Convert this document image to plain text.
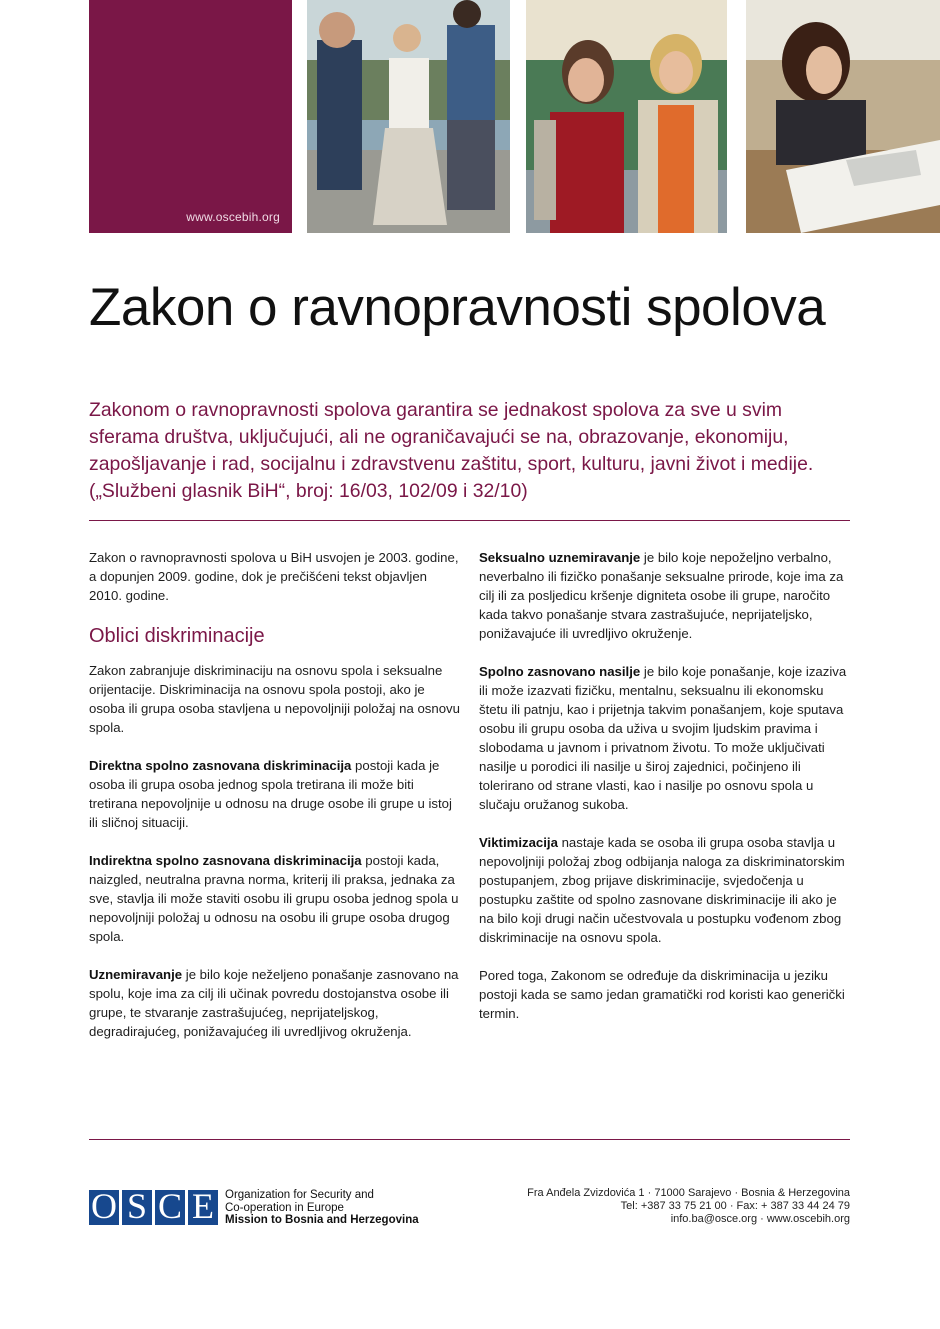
www.oscebih.org
Zakon o ravnopravnosti spolova

Zakonom o ravnopravnosti spolova garantira se jednakost spolova za sve u svim sferama društva, uključujući, ali ne ograničavajući se na, obrazovanje, ekonomiju, zapošljavanje i rad, socijalnu i zdravstvenu zaštitu, sport, kulturu, javni život i medije. („Službeni glasnik BiH“, broj: 16/03, 102/09 i 32/10)

Zakon o ravnopravnosti spolova u BiH usvojen je 2003. godine, a dopunjen 2009. godine, dok je prečišćeni tekst objavljen 2010. godine.

Oblici diskriminacije

Zakon zabranjuje diskriminaciju na osnovu spola i seksualne orijentacije. Diskriminacija na osnovu spola postoji, ako je osoba ili grupa osoba stavljena u nepovoljniji položaj na osnovu spola.

Direktna spolno zasnovana diskriminacija postoji kada je osoba ili grupa osoba jednog spola tretirana ili može biti tretirana nepovoljnije u odnosu na druge osobe ili grupe u istoj ili sličnoj situaciji.

Indirektna spolno zasnovana diskriminacija postoji kada, naizgled, neutralna pravna norma, kriterij ili praksa, jednaka za sve, stavlja ili može staviti osobu ili grupu osoba jednog spola u nepovoljniji položaj u odnosu na osobu ili grupe osoba drugog spola.

Uznemiravanje je bilo koje neželjeno ponašanje zasnovano na spolu, koje ima za cilj ili učinak povredu dostojanstva osobe ili grupe, te stvaranje zastrašujućeg, neprijateljskog, degradirajućeg, ponižavajućeg ili uvredljivog okruženja.

Seksualno uznemiravanje je bilo koje nepoželjno verbalno, neverbalno ili fizičko ponašanje seksualne prirode, koje ima za cilj ili za posljedicu kršenje digniteta osobe ili grupe, naročito kada takvo ponašanje stvara zastrašujuće, neprijateljsko, ponižavajuće ili uvredljivo okruženje.

Spolno zasnovano nasilje je bilo koje ponašanje, koje izaziva ili može izazvati fizičku, mentalnu, seksualnu ili ekonomsku štetu ili patnju, kao i prijetnja takvim ponašanjem, koje sputava osobu ili grupu osoba da uživa u svojim ljudskim pravima i slobodama u javnom i privatnom životu. To može uključivati nasilje u porodici ili nasilje u široj zajednici, počinjeno ili tolerirano od strane vlasti, kao i nasilje po osnovu spola u slučaju oružanog sukoba.

Viktimizacija nastaje kada se osoba ili grupa osoba stavlja u nepovoljniji položaj zbog odbijanja naloga za diskriminatorskim postupanjem, zbog prijave diskriminacije, svjedočenja u postupku zaštite od spolno zasnovane diskriminacije ili ako je na bilo koji drugi način učestvovala u postupku vođenom zbog diskriminacije na osnovu spola.

Pored toga, Zakonom se određuje da diskriminacija u jeziku postoji kada se samo jedan gramatički rod koristi kao generički termin.

O S C E Organization for Security and
Co-operation in Europe
Mission to Bosnia and Herzegovina
Fra Anđela Zvizdovića 1 · 71000 Sarajevo · Bosnia & Herzegovina
Tel: +387 33 75 21 00 · Fax: + 387 33 44 24 79
info.ba@osce.org · www.oscebih.org
